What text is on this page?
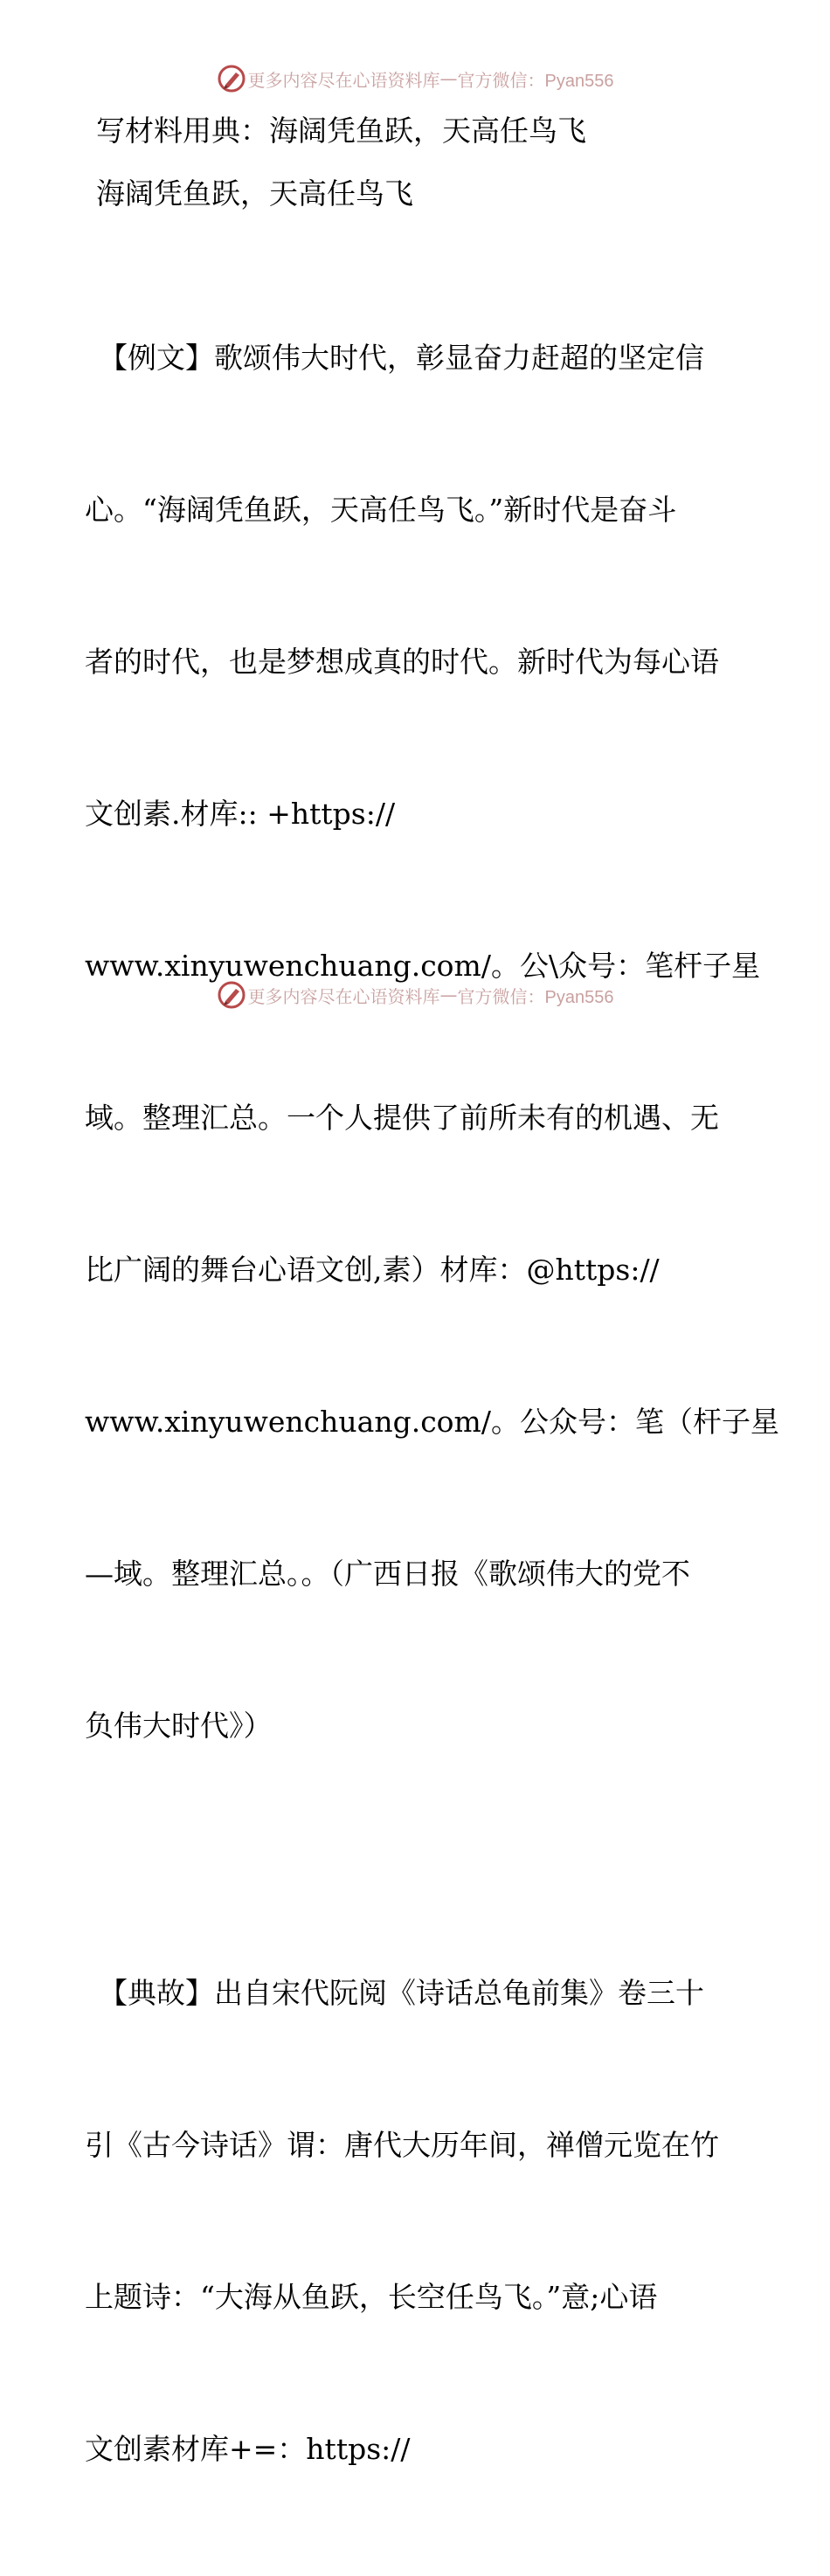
更多内容尽在心语资料库 — 官方微信：Pyan556

写材料用典：海阔凭鱼跃，天高任鸟飞

海阔凭鱼跃，天高任鸟飞

【例文】歌颂伟大时代，彰显奋力赶超的坚定信

心。“海阔凭鱼跃，天高任鸟飞。”新时代是奋斗

者的时代，也是梦想成真的时代。新时代为每心语

文创素.材库:: +https://

www.xinyuwenchuang.com/。公\众号：笔杆子星

域。整理汇总。一个人提供了前所未有的机遇、无

比广阔的舞台心语文创,素）材库：@https://

www.xinyuwenchuang.com/。公众号：笔（杆子星

—域。整理汇总。。（广西日报《歌颂伟大的党不

负伟大时代》）

【典故】出自宋代阮阅《诗话总龟前集》卷三十

引《古今诗话》谓：唐代大历年间，禅僧元览在竹

上题诗：“大海从鱼跃，长空任鸟飞。”意;心语

文创素材库+=：https://

更多内容尽在心语资料库 — 官方微信：Pyan556
